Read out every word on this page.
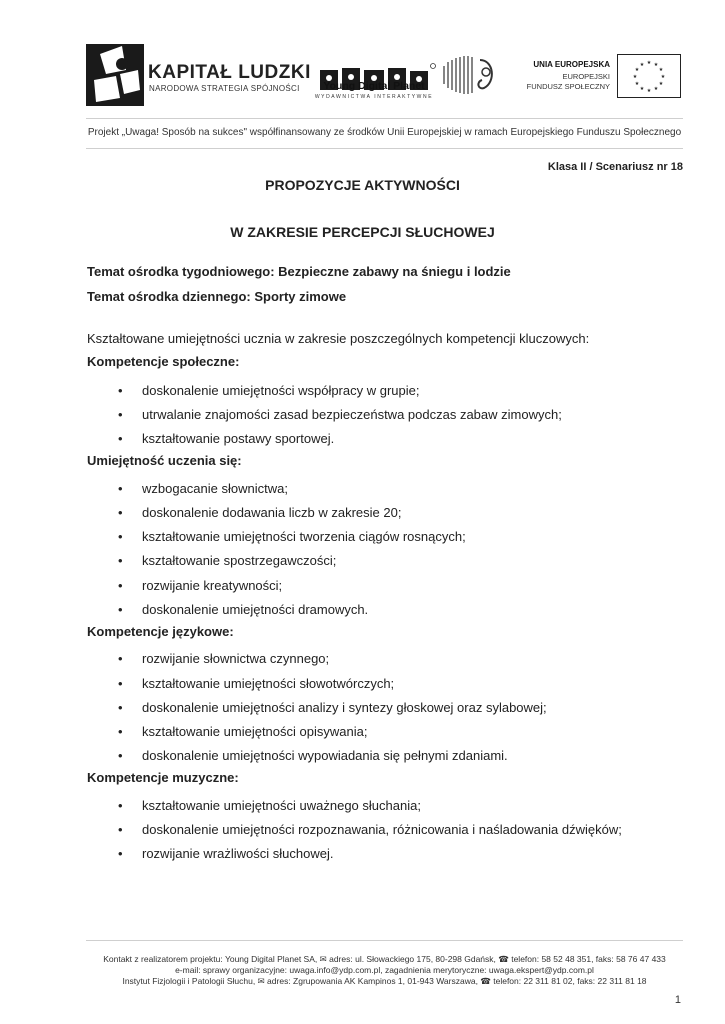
KAPITAŁ LUDZKI
NARODOWA STRATEGIA SPÓJNOŚCI	Young Digital Planet
WYDAWNICTWA INTERAKTYWNE
UNIA EUROPEJSKA
EUROPEJSKI
FUNDUSZ SPOŁECZNY
★ ★
★
★
★
★
★
★
★
★
★
★
Projekt „Uwaga! Sposób na sukces" współfinansowany ze środków Unii Europejskiej w ramach Europejskiego Funduszu Społecznego
Klasa II / Scenariusz nr 18
PROPOZYCJE AKTYWNOŚCI
W ZAKRESIE PERCEPCJI SŁUCHOWEJ
Temat ośrodka tygodniowego: Bezpieczne zabawy na śniegu i lodzie
Temat ośrodka dziennego: Sporty zimowe
Kształtowane umiejętności ucznia w zakresie poszczególnych kompetencji kluczowych:
Kompetencje społeczne:
• doskonalenie umiejętności współpracy w grupie;
• utrwalanie znajomości zasad bezpieczeństwa podczas zabaw zimowych;
• kształtowanie postawy sportowej.
Umiejętność uczenia się:
• wzbogacanie słownictwa;
• doskonalenie dodawania liczb w zakresie 20;
• kształtowanie umiejętności tworzenia ciągów rosnących;
• kształtowanie spostrzegawczości;
• rozwijanie kreatywności;
• doskonalenie umiejętności dramowych.
Kompetencje językowe:
• rozwijanie słownictwa czynnego;
• kształtowanie umiejętności słowotwórczych;
• doskonalenie umiejętności analizy i syntezy głoskowej oraz sylabowej;
• kształtowanie umiejętności opisywania;
• doskonalenie umiejętności wypowiadania się pełnymi zdaniami.
Kompetencje muzyczne:
• kształtowanie umiejętności uważnego słuchania;
• doskonalenie umiejętności rozpoznawania, różnicowania i naśladowania dźwięków;
• rozwijanie wrażliwości słuchowej.
Kontakt z realizatorem projektu: Young Digital Planet SA, ✉ adres: ul. Słowackiego 175, 80-298 Gdańsk, ☎ telefon: 58 52 48 351, faks: 58 76 47 433
e-mail: sprawy organizacyjne: uwaga.info@ydp.com.pl, zagadnienia merytoryczne: uwaga.ekspert@ydp.com.pl
Instytut Fizjologii i Patologii Słuchu, ✉ adres: Zgrupowania AK Kampinos 1, 01-943 Warszawa, ☎ telefon: 22 311 81 02, faks: 22 311 81 18
1
